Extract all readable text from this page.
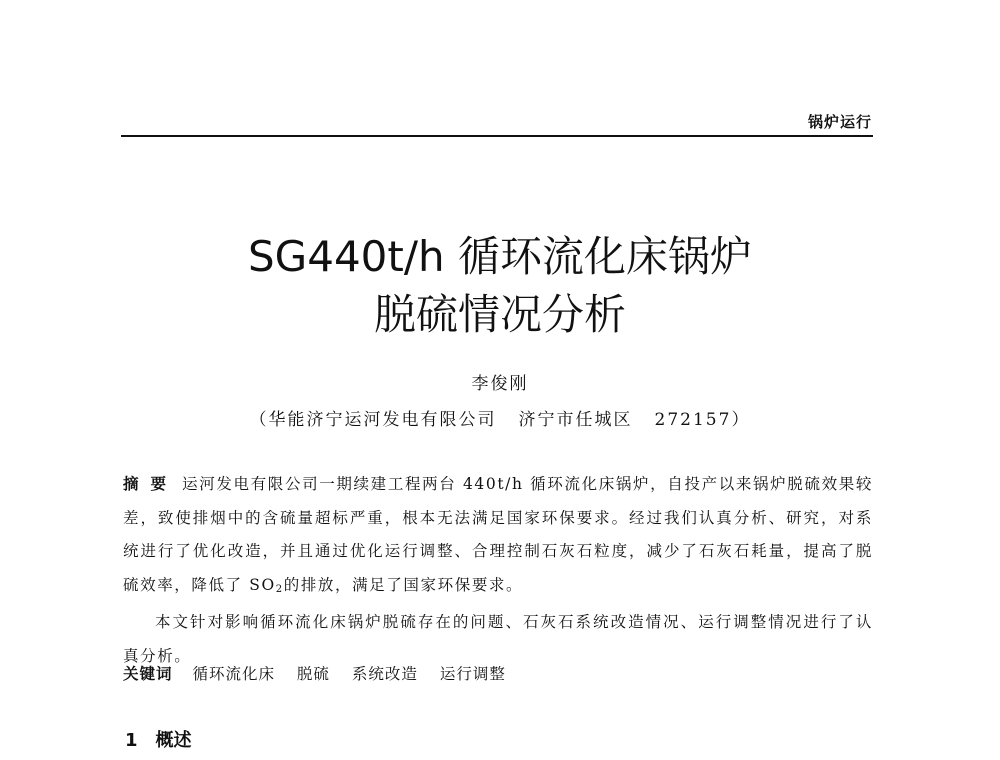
锅炉运行
SG440t/h 循环流化床锅炉
脱硫情况分析
李俊刚
（华能济宁运河发电有限公司 济宁市任城区 272157）

摘要 运河发电有限公司一期续建工程两台 440t/h 循环流化床锅炉，自投产以来锅炉脱硫效果较差，致使排烟中的含硫量超标严重，根本无法满足国家环保要求。经过我们认真分析、研究，对系统进行了优化改造，并且通过优化运行调整、合理控制石灰石粒度，减少了石灰石耗量，提高了脱硫效率，降低了 $SO_2$的排放，满足了国家环保要求。

本文针对影响循环流化床锅炉脱硫存在的问题、石灰石系统改造情况、运行调整情况进行了认真分析。

关键词 循环流化床 脱硫 系统改造 运行调整
1 概述
